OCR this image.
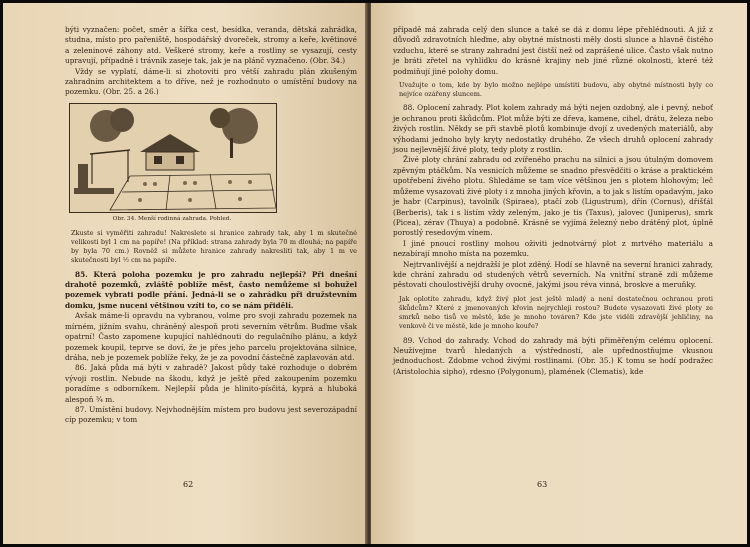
býti vyznačen: počet, směr a šířka cest, besídka, veranda, dětská zahrádka, studna, místo pro pařeniště, hospodářský dvoreček, stromy a keře, květinové a zeleninové záhony atd. Veškeré stromy, keře a rostliny se vysazují, cesty upravují, případně i trávník zaseje tak, jak je na plánč vyznačeno. (Obr. 34.)

Vždy se vyplatí, dáme-li si zhotoviti pro větší zahradu plán zkušeným zahradním architektem a to dříve, než je rozhodnuto o umístění budovy na pozemku. (Obr. 25. a 26.)

Obr. 34. Menší rodinná zahrada. Pohled.

Zkuste si vyměřiti zahradu! Nakreslete si hranice zahrady tak, aby 1 m skutečné velikosti byl 1 cm na papíře! (Na příklad: strana zahrady byla 70 m dlouhá; na papíře by byla 70 cm.) Rovněž si můžete hranice zahrady nakresliti tak, aby 1 m ve skutečnosti byl ½ cm na papíře.

85. Která poloha pozemku je pro zahradu nejlepší? Při dnešní drahotě pozemků, zvláště poblíže měst, často nemůžeme si bohužel pozemek vybrati podle přání. Jedná-li se o zahrádku při družstevním domku, jsme nuceni většinou vzíti to, co se nám přidělí.

Avšak máme-li opravdu na vybranou, volme pro svoji zahradu pozemek na mírném, jižním svahu, chráněný alespoň proti severním větrům. Buďme však opatrní! Často zapomene kupující nahlédnouti do regulačního plánu, a když pozemek koupil, teprve se doví, že je přes jeho parcelu projektována silnice, dráha, neb je pozemek poblíže řeky, že je za povodní částečně zaplavován atd.

86. Jaká půda má býti v zahradě? Jakost půdy také rozhoduje o dobrém vývoji rostlin. Nebude na škodu, když je ještě před zakoupením pozemku poradíme s odborníkem. Nejlepší půda je hlinito-písčitá, kyprá a hluboká alespoň ¾ m.

87. Umístění budovy. Nejvhodnějším místem pro budovu jest severozápadní cíp pozemku; v tom

62

případě má zahrada celý den slunce a také se dá z domu lépe přehlédnouti. A již z důvodů zdravotních hleďme, aby obytné místnosti měly dosti slunce a hlavně čistého vzduchu, které se strany zahradní jest čistší než od zaprášené ulice. Často však nutno je bráti zřetel na vyhlídku do krásné krajiny neb jiné různé okolnosti, které též podmiňují jiné polohy domu.

Uvažujte o tom, kde by bylo možno nejlépe umístiti budovu, aby obytné místnosti byly co nejvíce ozářeny sluncem.

88. Oplocení zahrady. Plot kolem zahrady má býti nejen ozdobný, ale i pevný, neboť je ochranou proti škůdcům. Plot může býti ze dřeva, kamene, cihel, drátu, železa nebo živých rostlin. Někdy se při stavbě plotů kombinuje dvojí z uvedených materiálů, aby výhodami jednoho byly kryty nedostatky druhého. Ze všech druhů oplocení zahrady jsou nejlevnější živé ploty, tedy ploty z rostlin.

Živé ploty chrání zahradu od zvířeného prachu na silnici a jsou útulným domovem zpěvným ptáčkům. Na vesnicích můžeme se snadno přesvědčiti o kráse a praktickém upotřebení živého plotu. Shledáme se tam více většinou jen s plotem hlohovým; leč můžeme vysazovati živé ploty i z mnoha jiných křovin, a to jak s listím opadavým, jako je habr (Carpinus), tavolník (Spiraea), ptačí zob (Ligustrum), dřín (Cornus), dřišťál (Berberis), tak i s listím vždy zeleným, jako je tis (Taxus), jalovec (Juniperus), smrk (Picea), zérav (Thuya) a podobně. Krásně se vyjímá železný nebo drátěný plot, úplně porostlý resedovým vínem.

I jiné pnoucí rostliny mohou oživiti jednotvárný plot z mrtvého materiálu a nezabírají mnoho místa na pozemku.

Nejtrvanlivější a nejdražší je plot zděný. Hodí se hlavně na severní hranici zahrady, kde chrání zahradu od studených větrů severních. Na vnitřní straně zdi můžeme pěstovati choulostivější druhy ovocné, jakými jsou réva vinná, broskve a meruňky.

Jak oplotíte zahradu, když živý plot jest ještě mladý a není dostatečnou ochranou proti škůdcům? Které z jmenovaných křovin nejrychleji rostou? Budete vysazovati živé ploty ze smrků nebo tisů ve městě, kde je mnoho továren? Kde jste viděli zdravější jehličiny, na venkově či ve městě, kde je mnoho kouře?

89. Vchod do zahrady. Vchod do zahrady má býti přiměřeným celému oplocení. Neuživejme tvarů hledaných a výstředností, ale upřednostňujme vkusnou jednoduchost. Zdobme vchod živými rostlinami. (Obr. 35.) K tomu se hodí podražec (Aristolochia sipho), rdesno (Polygonum), plamének (Clematis), kde

63
